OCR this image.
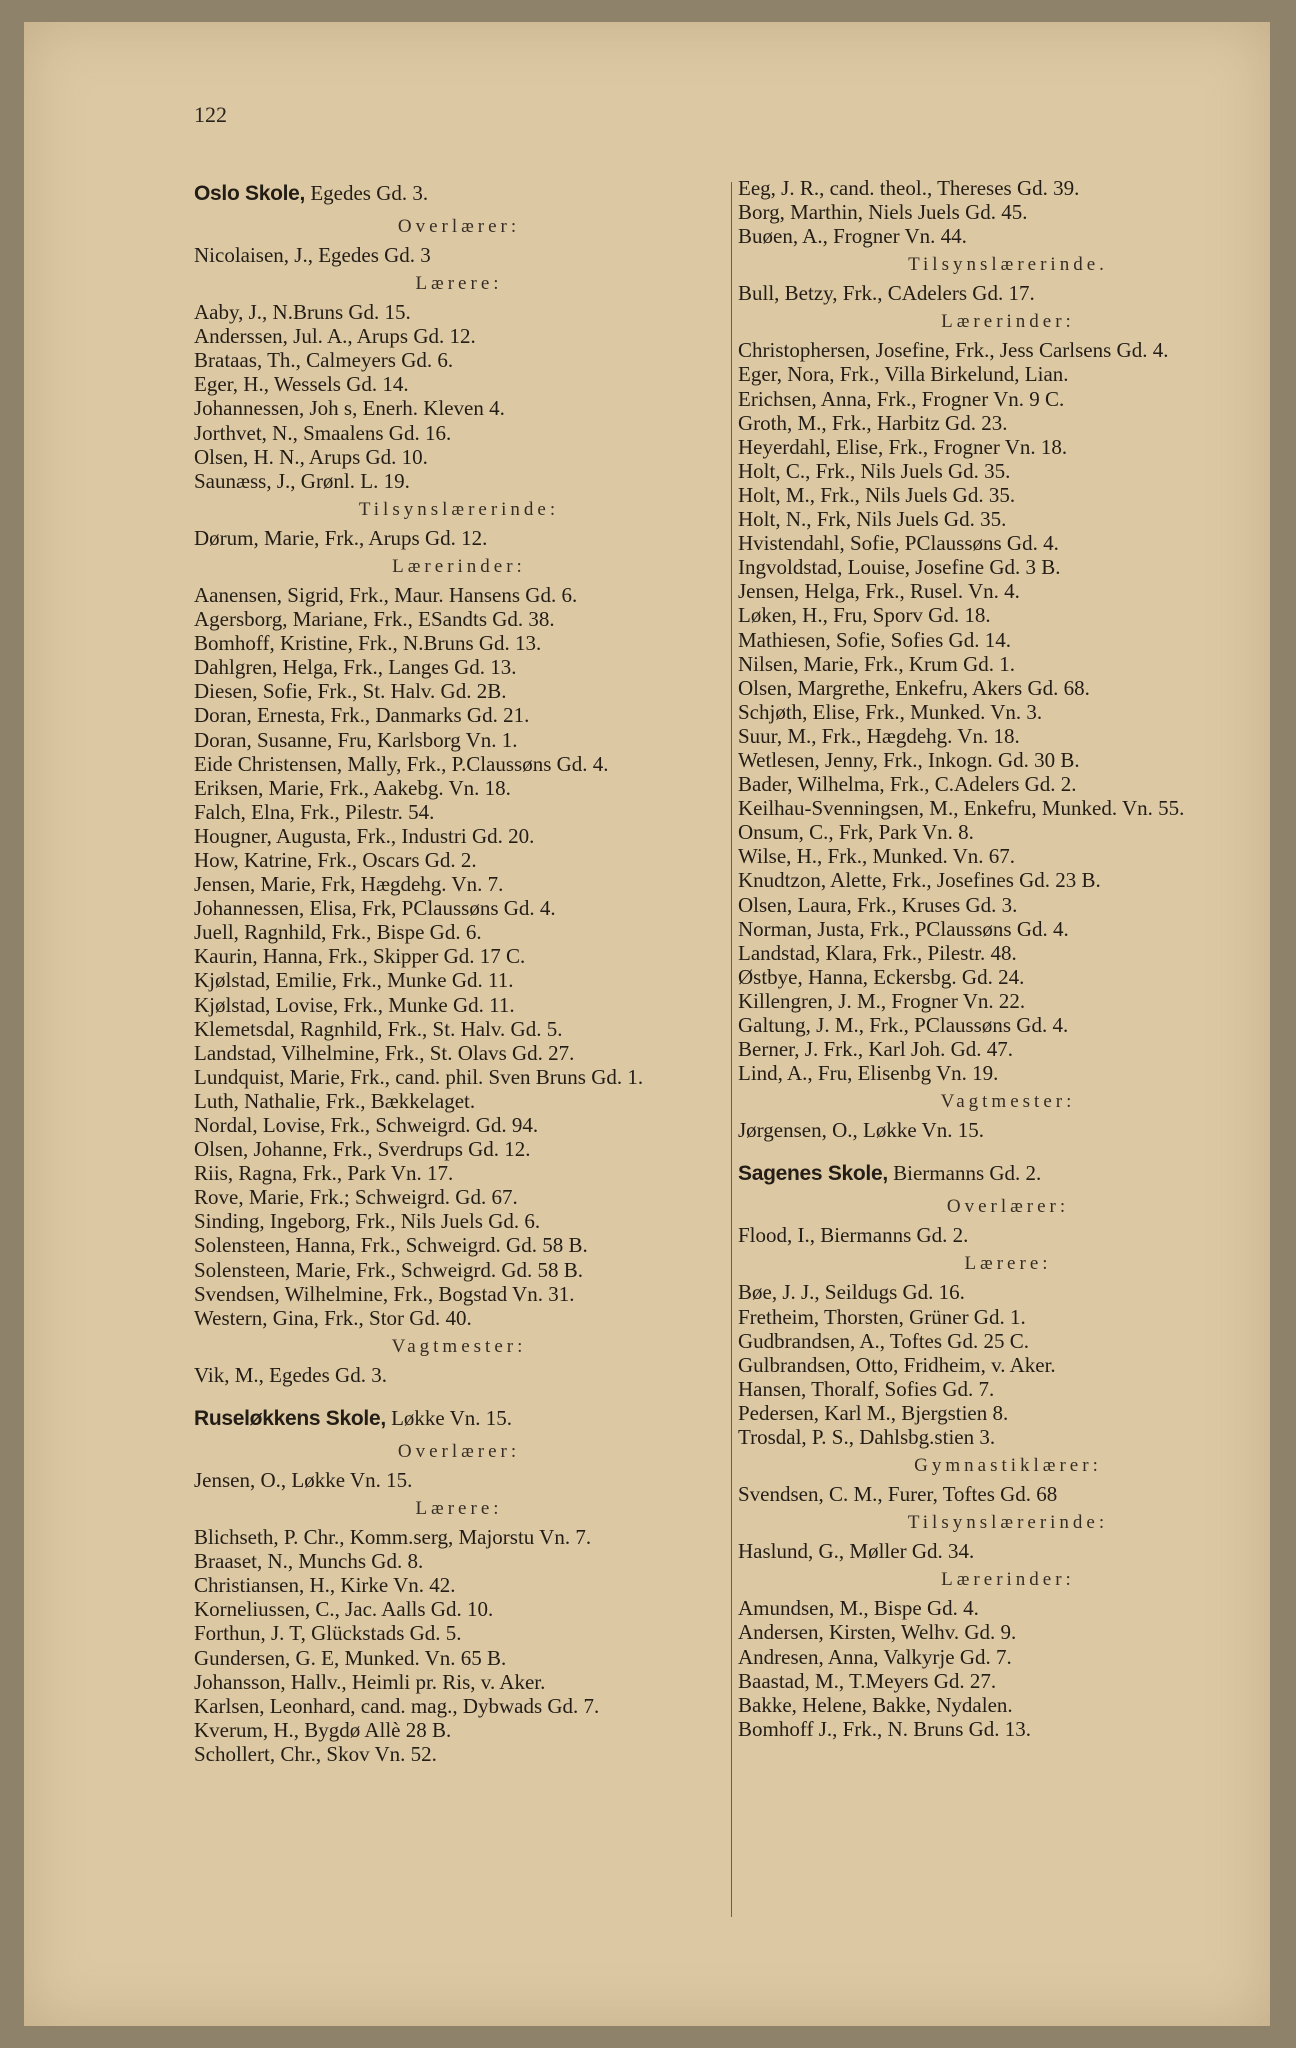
122
Oslo Skole, Egedes Gd. 3.
Overlærer:
Nicolaisen, J., Egedes Gd. 3
Lærere:
Aaby, J., N.Bruns Gd. 15.
Anderssen, Jul. A., Arups Gd. 12.
Brataas, Th., Calmeyers Gd. 6.
Eger, H., Wessels Gd. 14.
Johannessen, Joh s, Enerh. Kleven 4.
Jorthvet, N., Smaalens Gd. 16.
Olsen, H. N., Arups Gd. 10.
Saunæss, J., Grønl. L. 19.
Tilsynslærerinde:
Dørum, Marie, Frk., Arups Gd. 12.
Lærerinder:
Aanensen, Sigrid, Frk., Maur. Hansens Gd. 6.
Agersborg, Mariane, Frk., ESandts Gd. 38.
Bomhoff, Kristine, Frk., N.Bruns Gd. 13.
Dahlgren, Helga, Frk., Langes Gd. 13.
Diesen, Sofie, Frk., St. Halv. Gd. 2B.
Doran, Ernesta, Frk., Danmarks Gd. 21.
Doran, Susanne, Fru, Karlsborg Vn. 1.
Eide Christensen, Mally, Frk., P.Claussøns Gd. 4.
Eriksen, Marie, Frk., Aakebg. Vn. 18.
Falch, Elna, Frk., Pilestr. 54.
Hougner, Augusta, Frk., Industri Gd. 20.
How, Katrine, Frk., Oscars Gd. 2.
Jensen, Marie, Frk, Hægdehg. Vn. 7.
Johannessen, Elisa, Frk, PClaussøns Gd. 4.
Juell, Ragnhild, Frk., Bispe Gd. 6.
Kaurin, Hanna, Frk., Skipper Gd. 17 C.
Kjølstad, Emilie, Frk., Munke Gd. 11.
Kjølstad, Lovise, Frk., Munke Gd. 11.
Klemetsdal, Ragnhild, Frk., St. Halv. Gd. 5.
Landstad, Vilhelmine, Frk., St. Olavs Gd. 27.
Lundquist, Marie, Frk., cand. phil. Sven Bruns Gd. 1.
Luth, Nathalie, Frk., Bækkelaget.
Nordal, Lovise, Frk., Schweigrd. Gd. 94.
Olsen, Johanne, Frk., Sverdrups Gd. 12.
Riis, Ragna, Frk., Park Vn. 17.
Rove, Marie, Frk.; Schweigrd. Gd. 67.
Sinding, Ingeborg, Frk., Nils Juels Gd. 6.
Solensteen, Hanna, Frk., Schweigrd. Gd. 58 B.
Solensteen, Marie, Frk., Schweigrd. Gd. 58 B.
Svendsen, Wilhelmine, Frk., Bogstad Vn. 31.
Western, Gina, Frk., Stor Gd. 40.
Vagtmester:
Vik, M., Egedes Gd. 3.
Ruseløkkens Skole, Løkke Vn. 15.
Overlærer:
Jensen, O., Løkke Vn. 15.
Lærere:
Blichseth, P. Chr., Komm.serg, Majorstu Vn. 7.
Braaset, N., Munchs Gd. 8.
Christiansen, H., Kirke Vn. 42.
Korneliussen, C., Jac. Aalls Gd. 10.
Forthun, J. T, Glückstads Gd. 5.
Gundersen, G. E, Munked. Vn. 65 B.
Johansson, Hallv., Heimli pr. Ris, v. Aker.
Karlsen, Leonhard, cand. mag., Dybwads Gd. 7.
Kverum, H., Bygdø Allè 28 B.
Schollert, Chr., Skov Vn. 52.
Eeg, J. R., cand. theol., Thereses Gd. 39.
Borg, Marthin, Niels Juels Gd. 45.
Buøen, A., Frogner Vn. 44.
Tilsynslærerinde.
Bull, Betzy, Frk., CAdelers Gd. 17.
Lærerinder:
Christophersen, Josefine, Frk., Jess Carlsens Gd. 4.
Eger, Nora, Frk., Villa Birkelund, Lian.
Erichsen, Anna, Frk., Frogner Vn. 9 C.
Groth, M., Frk., Harbitz Gd. 23.
Heyerdahl, Elise, Frk., Frogner Vn. 18.
Holt, C., Frk., Nils Juels Gd. 35.
Holt, M., Frk., Nils Juels Gd. 35.
Holt, N., Frk, Nils Juels Gd. 35.
Hvistendahl, Sofie, PClaussøns Gd. 4.
Ingvoldstad, Louise, Josefine Gd. 3 B.
Jensen, Helga, Frk., Rusel. Vn. 4.
Løken, H., Fru, Sporv Gd. 18.
Mathiesen, Sofie, Sofies Gd. 14.
Nilsen, Marie, Frk., Krum Gd. 1.
Olsen, Margrethe, Enkefru, Akers Gd. 68.
Schjøth, Elise, Frk., Munked. Vn. 3.
Suur, M., Frk., Hægdehg. Vn. 18.
Wetlesen, Jenny, Frk., Inkogn. Gd. 30 B.
Bader, Wilhelma, Frk., C.Adelers Gd. 2.
Keilhau-Svenningsen, M., Enkefru, Munked. Vn. 55.
Onsum, C., Frk, Park Vn. 8.
Wilse, H., Frk., Munked. Vn. 67.
Knudtzon, Alette, Frk., Josefines Gd. 23 B.
Olsen, Laura, Frk., Kruses Gd. 3.
Norman, Justa, Frk., PClaussøns Gd. 4.
Landstad, Klara, Frk., Pilestr. 48.
Østbye, Hanna, Eckersbg. Gd. 24.
Killengren, J. M., Frogner Vn. 22.
Galtung, J. M., Frk., PClaussøns Gd. 4.
Berner, J. Frk., Karl Joh. Gd. 47.
Lind, A., Fru, Elisenbg Vn. 19.
Vagtmester:
Jørgensen, O., Løkke Vn. 15.
Sagenes Skole, Biermanns Gd. 2.
Overlærer:
Flood, I., Biermanns Gd. 2.
Lærere:
Bøe, J. J., Seildugs Gd. 16.
Fretheim, Thorsten, Grüner Gd. 1.
Gudbrandsen, A., Toftes Gd. 25 C.
Gulbrandsen, Otto, Fridheim, v. Aker.
Hansen, Thoralf, Sofies Gd. 7.
Pedersen, Karl M., Bjergstien 8.
Trosdal, P. S., Dahlsbg.stien 3.
Gymnastiklærer:
Svendsen, C. M., Furer, Toftes Gd. 68
Tilsynslærerinde:
Haslund, G., Møller Gd. 34.
Lærerinder:
Amundsen, M., Bispe Gd. 4.
Andersen, Kirsten, Welhv. Gd. 9.
Andresen, Anna, Valkyrje Gd. 7.
Baastad, M., T.Meyers Gd. 27.
Bakke, Helene, Bakke, Nydalen.
Bomhoff J., Frk., N. Bruns Gd. 13.
